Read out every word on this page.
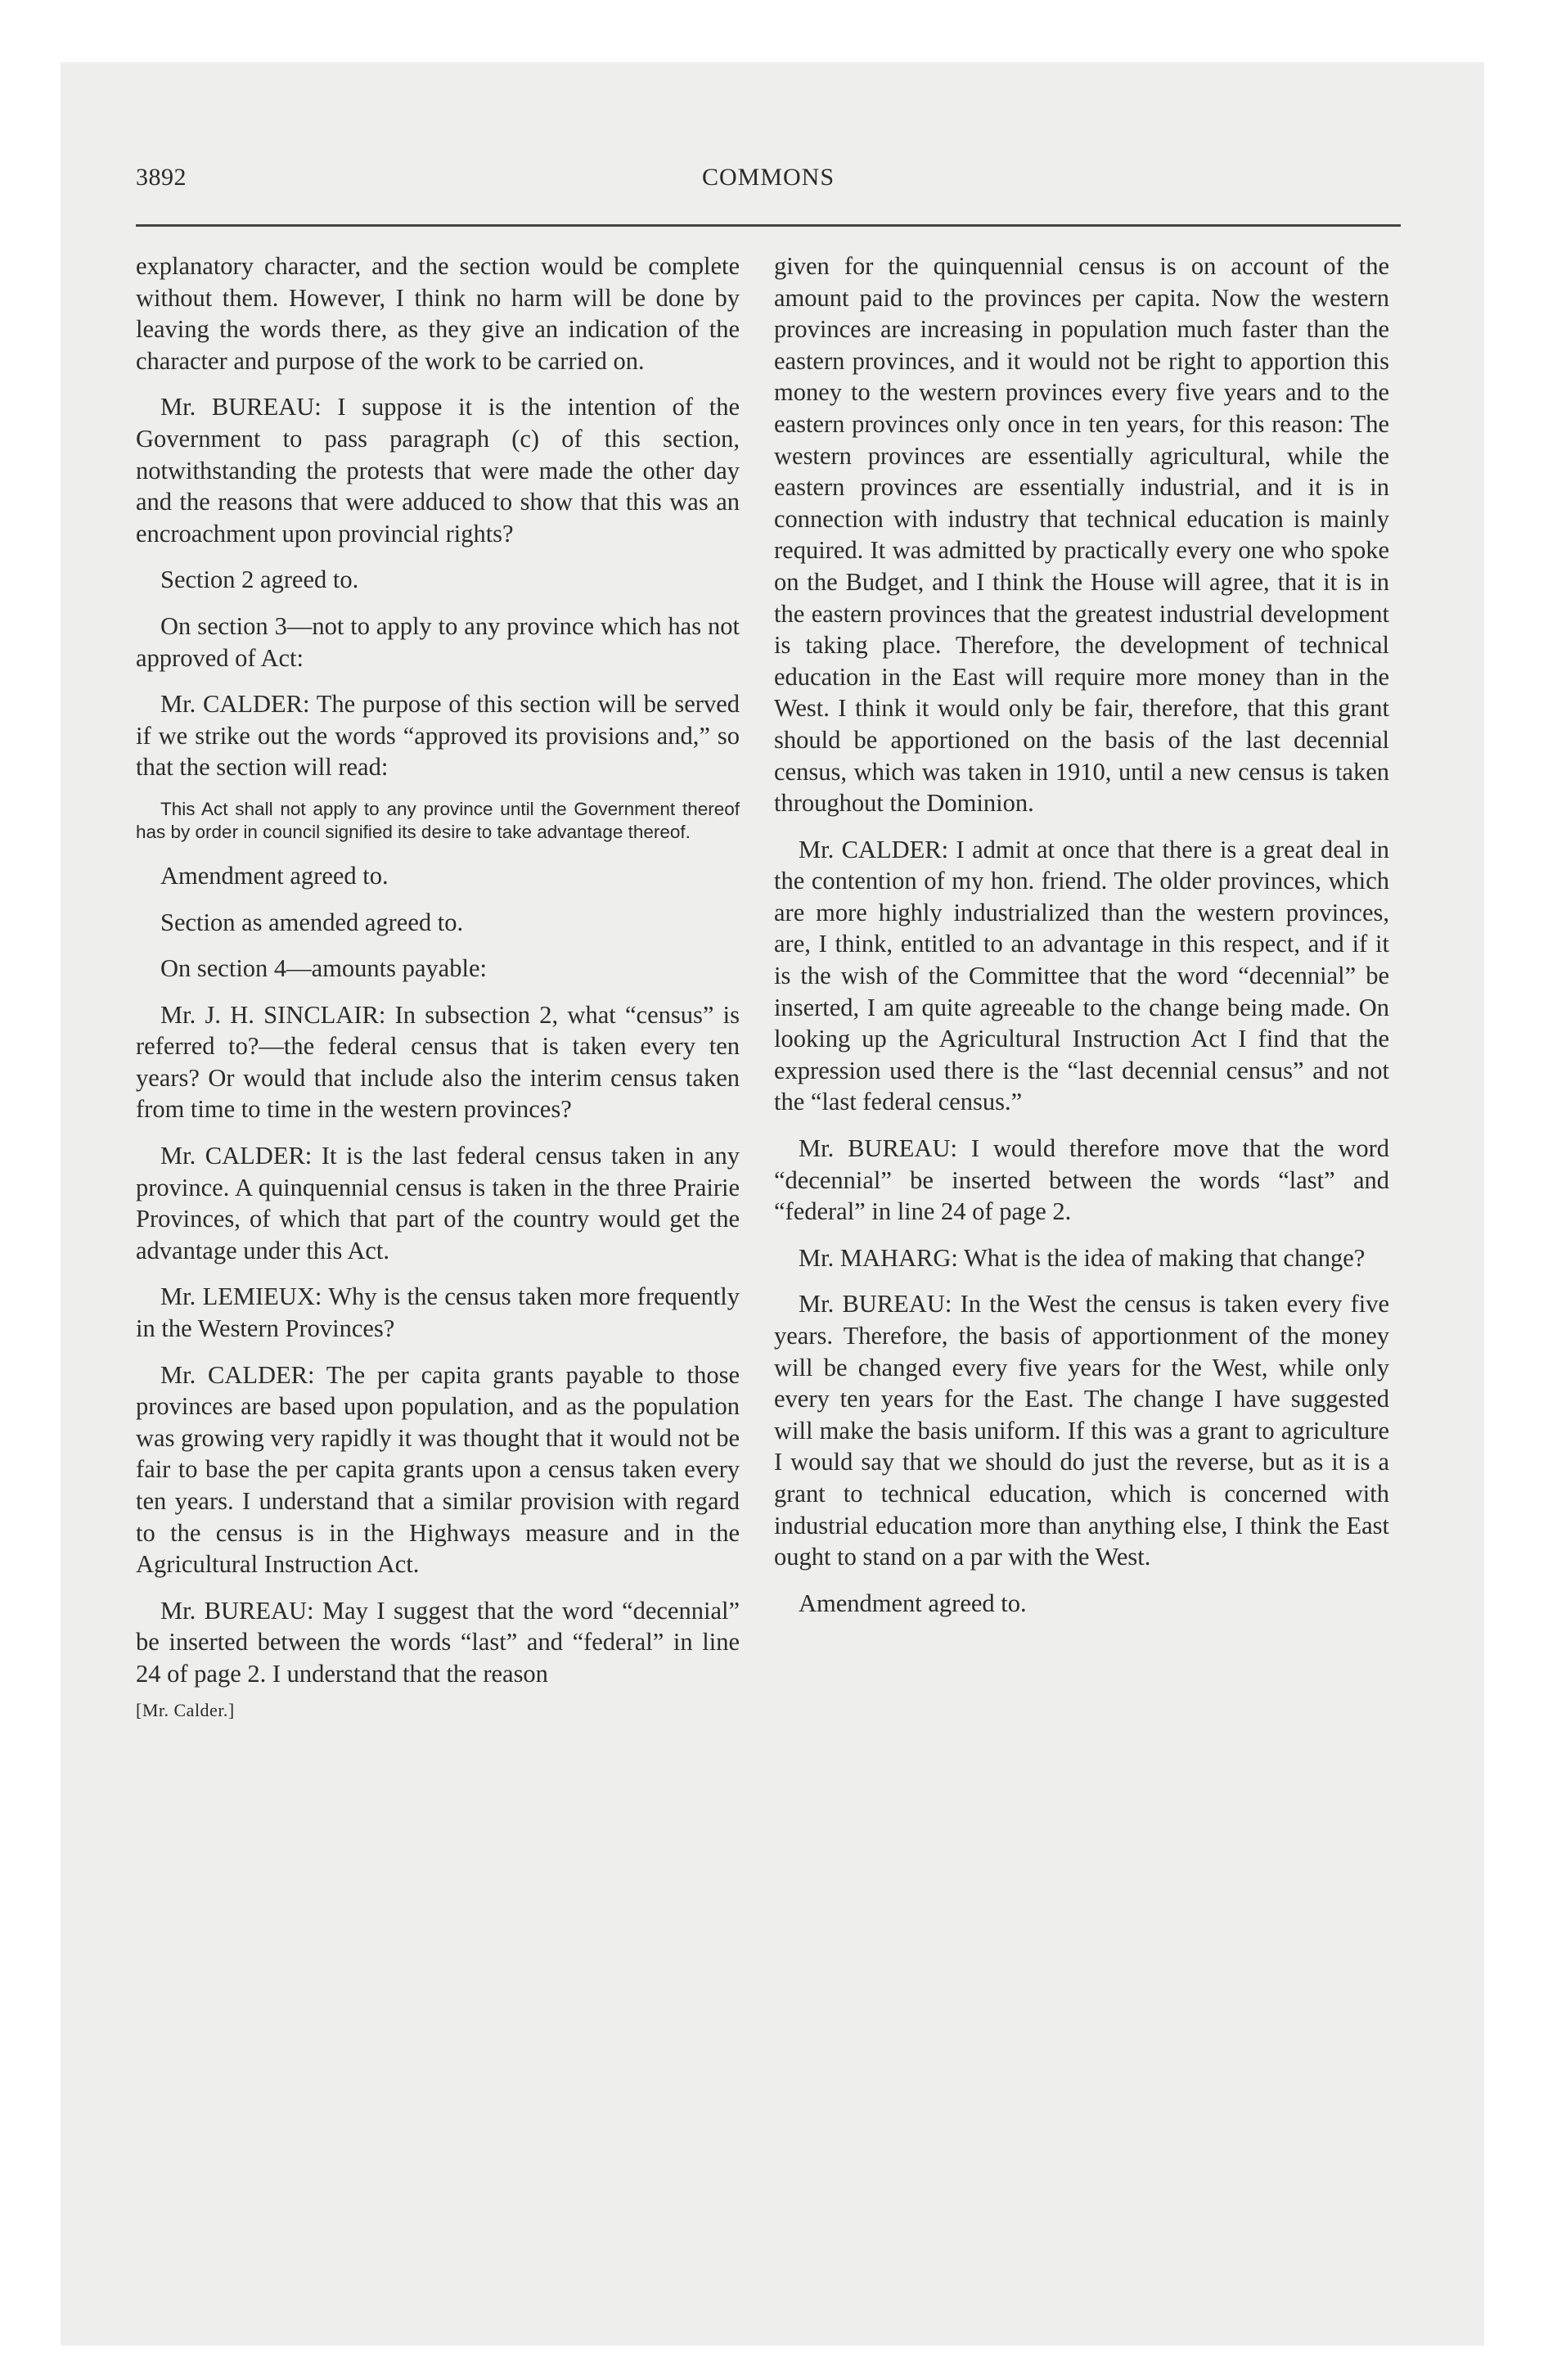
3892	COMMONS

explanatory character, and the section would be complete without them. However, I think no harm will be done by leaving the words there, as they give an indication of the character and purpose of the work to be carried on.

Mr. BUREAU: I suppose it is the intention of the Government to pass paragraph (c) of this section, notwithstanding the protests that were made the other day and the reasons that were adduced to show that this was an encroachment upon provincial rights?

Section 2 agreed to.

On section 3—not to apply to any province which has not approved of Act:

Mr. CALDER: The purpose of this section will be served if we strike out the words “approved its provisions and,” so that the section will read:

This Act shall not apply to any province until the Government thereof has by order in council signified its desire to take advantage thereof.

Amendment agreed to.

Section as amended agreed to.

On section 4—amounts payable:

Mr. J. H. SINCLAIR: In subsection 2, what “census” is referred to?—the federal census that is taken every ten years? Or would that include also the interim census taken from time to time in the western provinces?

Mr. CALDER: It is the last federal census taken in any province. A quinquennial census is taken in the three Prairie Provinces, of which that part of the country would get the advantage under this Act.

Mr. LEMIEUX: Why is the census taken more frequently in the Western Provinces?

Mr. CALDER: The per capita grants payable to those provinces are based upon population, and as the population was growing very rapidly it was thought that it would not be fair to base the per capita grants upon a census taken every ten years. I understand that a similar provision with regard to the census is in the Highways measure and in the Agricultural Instruction Act.

Mr. BUREAU: May I suggest that the word “decennial” be inserted between the words “last” and “federal” in line 24 of page 2. I understand that the reason

[Mr. Calder.]

given for the quinquennial census is on account of the amount paid to the provinces per capita. Now the western provinces are increasing in population much faster than the eastern provinces, and it would not be right to apportion this money to the western provinces every five years and to the eastern provinces only once in ten years, for this reason: The western provinces are essentially agricultural, while the eastern provinces are essentially industrial, and it is in connection with industry that technical education is mainly required. It was admitted by practically every one who spoke on the Budget, and I think the House will agree, that it is in the eastern provinces that the greatest industrial development is taking place. Therefore, the development of technical education in the East will require more money than in the West. I think it would only be fair, therefore, that this grant should be apportioned on the basis of the last decennial census, which was taken in 1910, until a new census is taken throughout the Dominion.

Mr. CALDER: I admit at once that there is a great deal in the contention of my hon. friend. The older provinces, which are more highly industrialized than the western provinces, are, I think, entitled to an advantage in this respect, and if it is the wish of the Committee that the word “decennial” be inserted, I am quite agreeable to the change being made. On looking up the Agricultural Instruction Act I find that the expression used there is the “last decennial census” and not the “last federal census.”

Mr. BUREAU: I would therefore move that the word “decennial” be inserted between the words “last” and “federal” in line 24 of page 2.

Mr. MAHARG: What is the idea of making that change?

Mr. BUREAU: In the West the census is taken every five years. Therefore, the basis of apportionment of the money will be changed every five years for the West, while only every ten years for the East. The change I have suggested will make the basis uniform. If this was a grant to agriculture I would say that we should do just the reverse, but as it is a grant to technical education, which is concerned with industrial education more than anything else, I think the East ought to stand on a par with the West.

Amendment agreed to.
